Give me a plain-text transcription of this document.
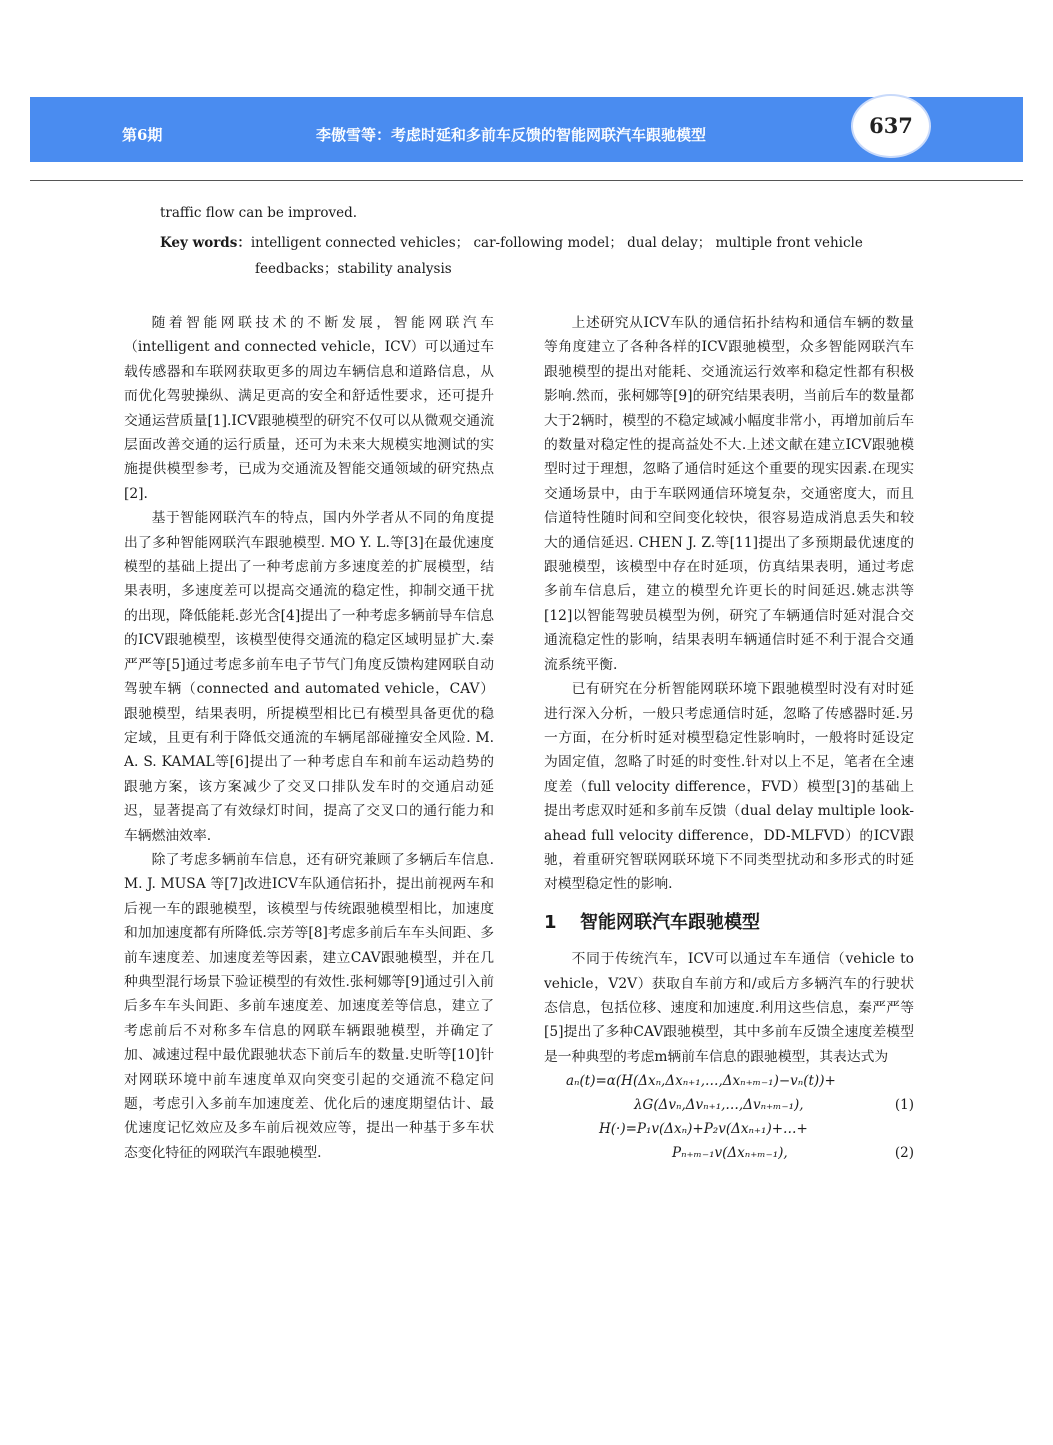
第6期	李傲雪等：考虑时延和多前车反馈的智能网联汽车跟驰模型	637
traffic flow can be improved.
Key words：intelligent connected vehicles； car-following model； dual delay； multiple front vehicle
feedbacks；stability analysis

随着智能网联技术的不断发展，智能网联汽车（intelligent and connected vehicle，ICV）可以通过车载传感器和车联网获取更多的周边车辆信息和道路信息，从而优化驾驶操纵、满足更高的安全和舒适性要求，还可提升交通运营质量[1].ICV跟驰模型的研究不仅可以从微观交通流层面改善交通的运行质量，还可为未来大规模实地测试的实施提供模型参考，已成为交通流及智能交通领域的研究热点[2].

基于智能网联汽车的特点，国内外学者从不同的角度提出了多种智能网联汽车跟驰模型. MO Y. L.等[3]在最优速度模型的基础上提出了一种考虑前方多速度差的扩展模型，结果表明，多速度差可以提高交通流的稳定性，抑制交通干扰的出现，降低能耗.彭光含[4]提出了一种考虑多辆前导车信息的ICV跟驰模型，该模型使得交通流的稳定区域明显扩大.秦严严等[5]通过考虑多前车电子节气门角度反馈构建网联自动驾驶车辆（connected and automated vehicle，CAV）跟驰模型，结果表明，所提模型相比已有模型具备更优的稳定域，且更有利于降低交通流的车辆尾部碰撞安全风险. M. A. S. KAMAL等[6]提出了一种考虑自车和前车运动趋势的跟驰方案，该方案减少了交叉口排队发车时的交通启动延迟，显著提高了有效绿灯时间，提高了交叉口的通行能力和车辆燃油效率.

除了考虑多辆前车信息，还有研究兼顾了多辆后车信息. M. J. MUSA 等[7]改进ICV车队通信拓扑，提出前视两车和后视一车的跟驰模型，该模型与传统跟驰模型相比，加速度和加加速度都有所降低.宗芳等[8]考虑多前后车车头间距、多前车速度差、加速度差等因素，建立CAV跟驰模型，并在几种典型混行场景下验证模型的有效性.张柯娜等[9]通过引入前后多车车头间距、多前车速度差、加速度差等信息，建立了考虑前后不对称多车信息的网联车辆跟驰模型，并确定了加、减速过程中最优跟驰状态下前后车的数量.史昕等[10]针对网联环境中前车速度单双向突变引起的交通流不稳定问题，考虑引入多前车加速度差、优化后的速度期望估计、最优速度记忆效应及多车前后视效应等，提出一种基于多车状态变化特征的网联汽车跟驰模型.

上述研究从ICV车队的通信拓扑结构和通信车辆的数量等角度建立了各种各样的ICV跟驰模型，众多智能网联汽车跟驰模型的提出对能耗、交通流运行效率和稳定性都有积极影响.然而，张柯娜等[9]的研究结果表明，当前后车的数量都大于2辆时，模型的不稳定域减小幅度非常小，再增加前后车的数量对稳定性的提高益处不大.上述文献在建立ICV跟驰模型时过于理想，忽略了通信时延这个重要的现实因素.在现实交通场景中，由于车联网通信环境复杂，交通密度大，而且信道特性随时间和空间变化较快，很容易造成消息丢失和较大的通信延迟. CHEN J. Z.等[11]提出了多预期最优速度的跟驰模型，该模型中存在时延项，仿真结果表明，通过考虑多前车信息后，建立的模型允许更长的时间延迟.姚志洪等[12]以智能驾驶员模型为例，研究了车辆通信时延对混合交通流稳定性的影响，结果表明车辆通信时延不利于混合交通流系统平衡.

已有研究在分析智能网联环境下跟驰模型时没有对时延进行深入分析，一般只考虑通信时延，忽略了传感器时延.另一方面，在分析时延对模型稳定性影响时，一般将时延设定为固定值，忽略了时延的时变性.针对以上不足，笔者在全速度差（full velocity difference，FVD）模型[3]的基础上提出考虑双时延和多前车反馈（dual delay multiple look-ahead full velocity difference，DD-MLFVD）的ICV跟驰，着重研究智联网联环境下不同类型扰动和多形式的时延对模型稳定性的影响.

1 智能网联汽车跟驰模型

不同于传统汽车，ICV可以通过车车通信（vehicle to vehicle，V2V）获取自车前方和/或后方多辆汽车的行驶状态信息，包括位移、速度和加速度.利用这些信息，秦严严等[5]提出了多种CAV跟驰模型，其中多前车反馈全速度差模型是一种典型的考虑m辆前车信息的跟驰模型，其表达式为

aₙ(t)=α(H(Δxₙ,Δxₙ₊₁,…,Δxₙ₊ₘ₋₁)−vₙ(t))+
λG(Δvₙ,Δvₙ₊₁,…,Δvₙ₊ₘ₋₁),	(1)
H(·)=P₁v(Δxₙ)+P₂v(Δxₙ₊₁)+…+
Pₙ₊ₘ₋₁v(Δxₙ₊ₘ₋₁),	(2)
